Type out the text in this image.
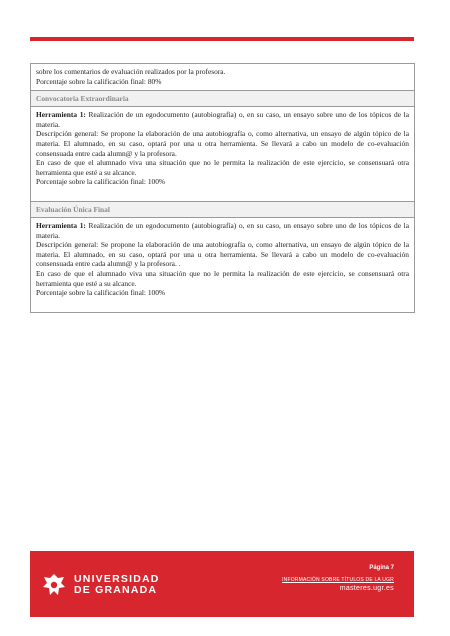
sobre los comentarios de evaluación realizados por la profesora.

Porcentaje sobre la calificación final: 80%

Convocatoria Extraordinaria

Herramienta 1: Realización de un egodocumento (autobiografía) o, en su caso, un ensayo sobre uno de los tópicos de la materia.

Descripción general: Se propone la elaboración de una autobiografía o, como alternativa, un ensayo de algún tópico de la materia. El alumnado, en su caso, optará por una u otra herramienta. Se llevará a cabo un modelo de co-evaluación consensuada entre cada alumn@ y la profesora.

En caso de que el alumnado viva una situación que no le permita la realización de este ejercicio, se consensuará otra herramienta que esté a su alcance.

Porcentaje sobre la calificación final: 100%

Evaluación Única Final

Herramienta 1: Realización de un egodocumento (autobiografía) o, en su caso, un ensayo sobre uno de los tópicos de la materia.

Descripción general: Se propone la elaboración de una autobiografía o, como alternativa, un ensayo de algún tópico de la materia. El alumnado, en su caso, optará por una u otra herramienta. Se llevará a cabo un modelo de co-evaluación consensuada entre cada alumn@ y la profesora. .

En caso de que el alumnado viva una situación que no le permita la realización de este ejercicio, se consensuará otra herramienta que esté a su alcance.

Porcentaje sobre la calificación final: 100%

UNIVERSIDAD
DE GRANADA
Página 7
INFORMACIÓN SOBRE TÍTULOS DE LA UGR
masteres.ugr.es
